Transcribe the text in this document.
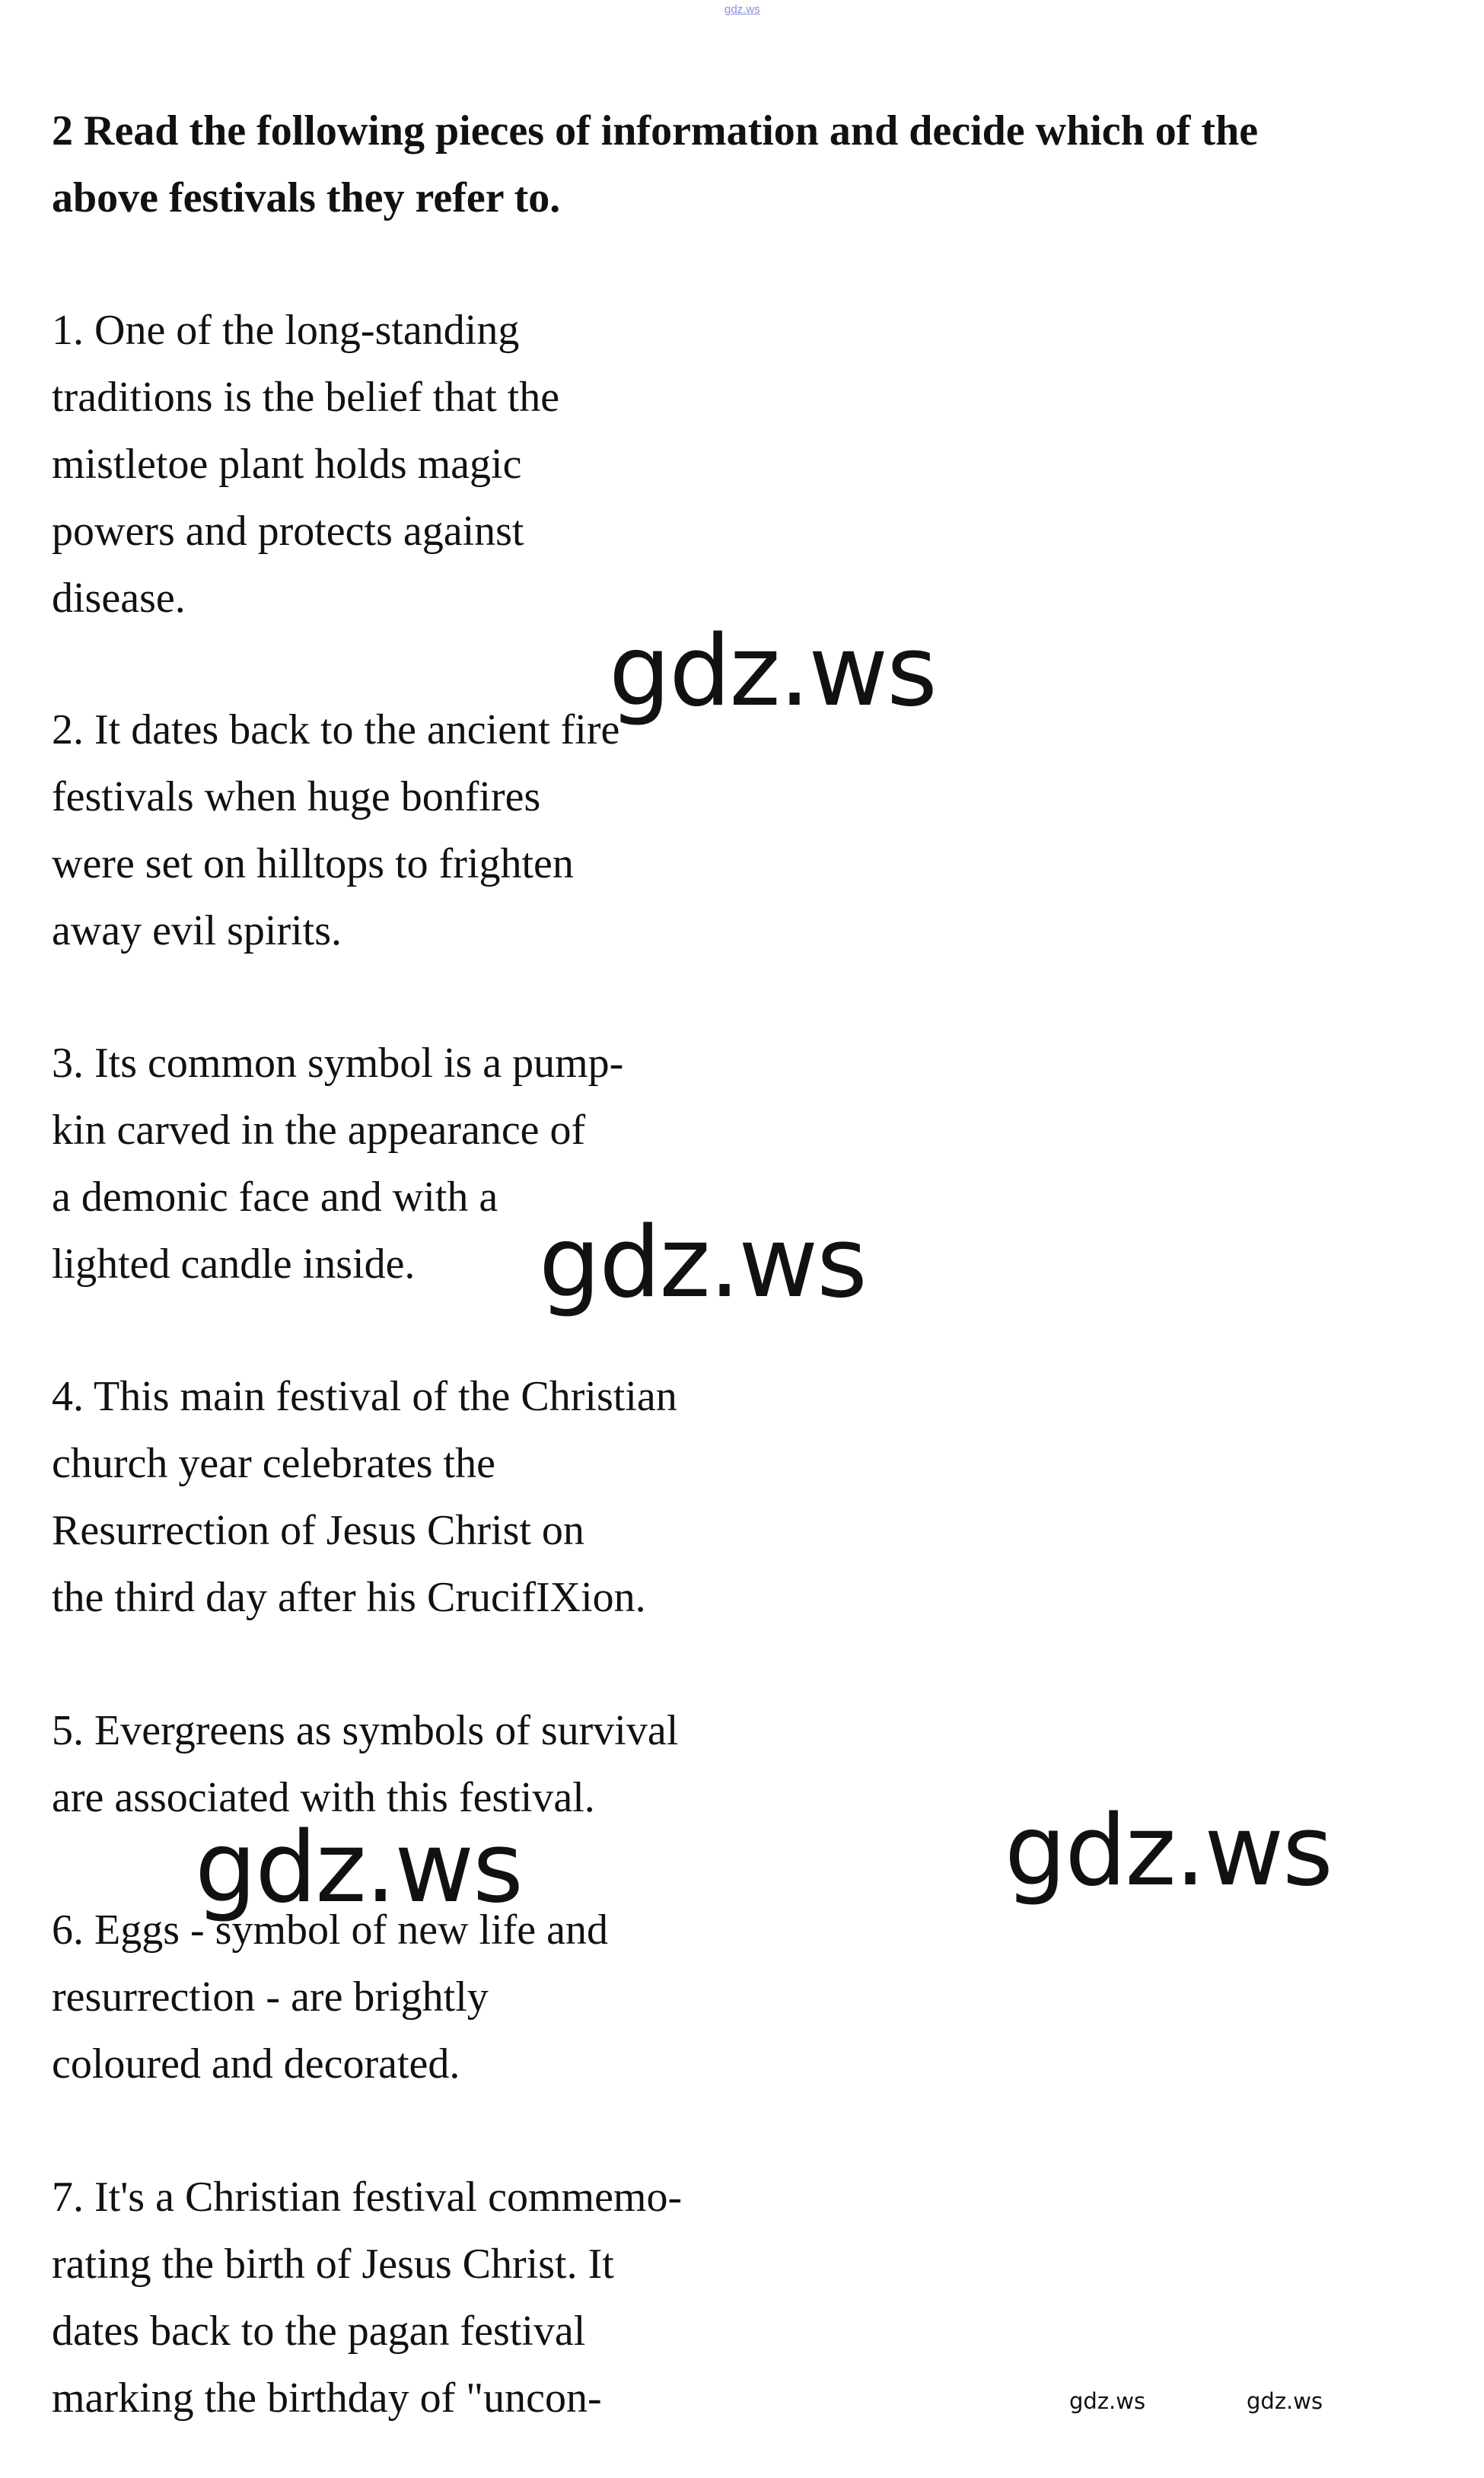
gdz.ws
2 Read the following pieces of information and decide which of the
above festivals they refer to.
1. One of the long-standing
traditions is the belief that the
mistletoe plant holds magic
powers and protects against
disease.
2. It dates back to the ancient fire
festivals when huge bonfires
were set on hilltops to frighten
away evil spirits.
3. Its common symbol is a pump-
kin carved in the appearance of
a demonic face and with a
lighted candle inside.
4. This main festival of the Christian
church year celebrates the
Resurrection of Jesus Christ on
the third day after his CrucifIXion.
5. Evergreens as symbols of survival
are associated with this festival.
6. Eggs - symbol of new life and
resurrection - are brightly
coloured and decorated.
7. It's a Christian festival commemo-
rating the birth of Jesus Christ. It
dates back to the pagan festival
marking the birthday of "uncon-
gdz.ws
gdz.ws
gdz.ws	gdz.ws
gdz.ws	gdz.ws
